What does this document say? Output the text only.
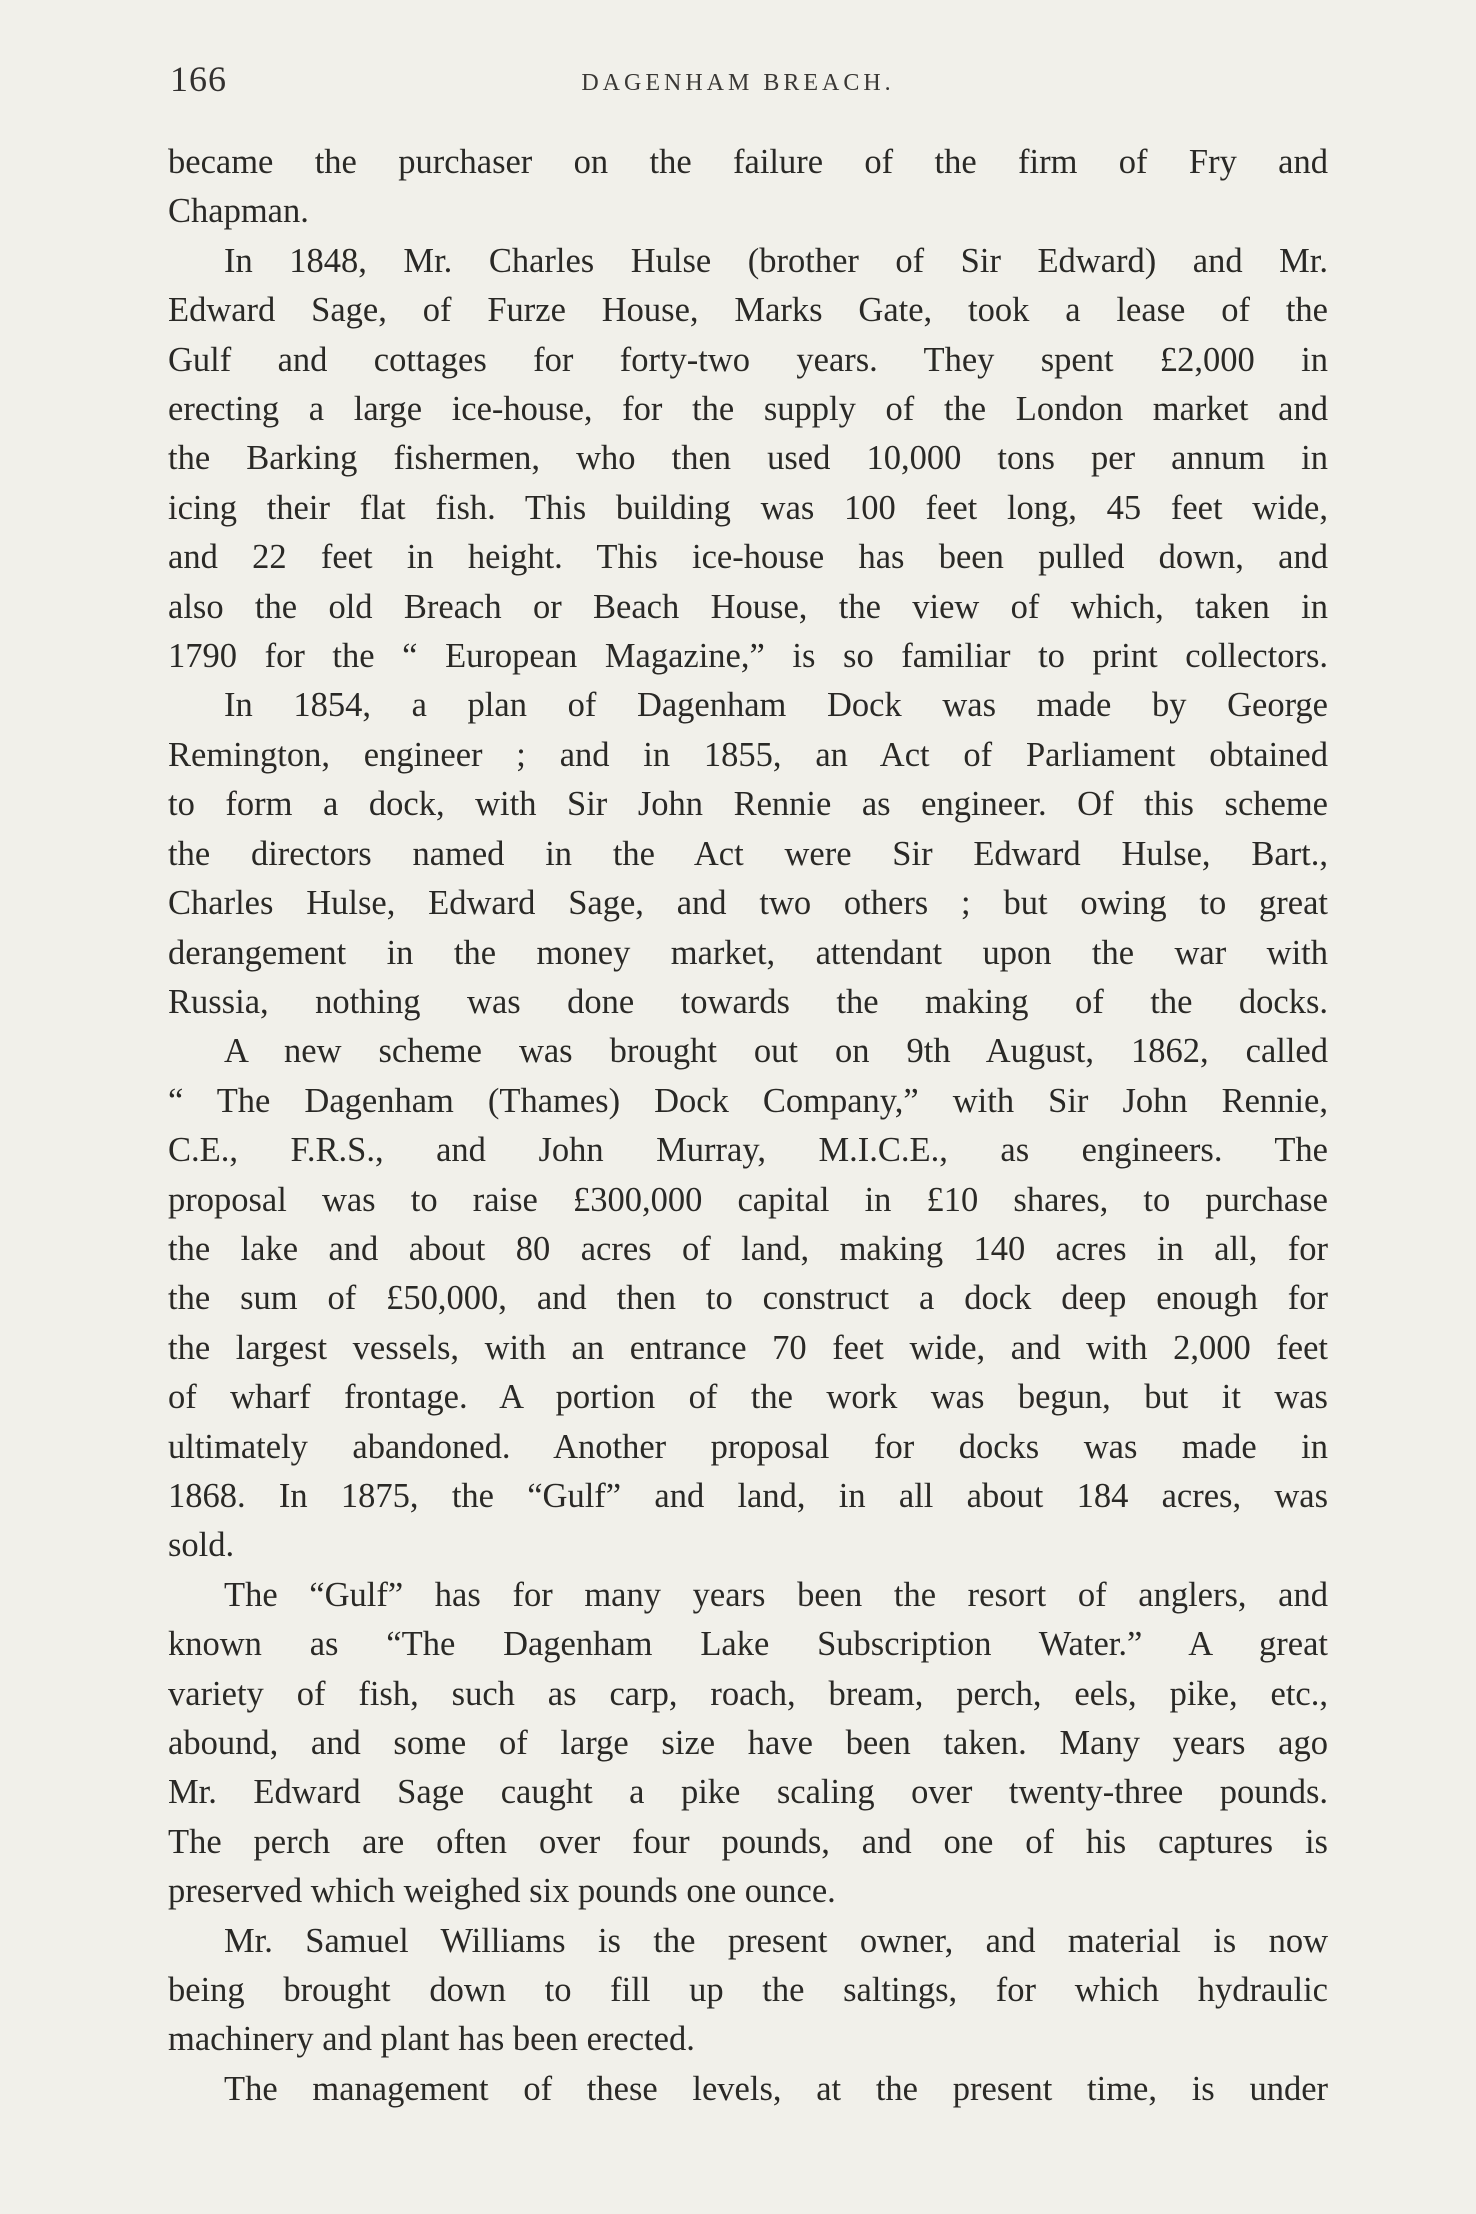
166	DAGENHAM BREACH.
became the purchaser on the failure of the firm of Fry and
Chapman.
In 1848, Mr. Charles Hulse (brother of Sir Edward) and Mr.
Edward Sage, of Furze House, Marks Gate, took a lease of the
Gulf and cottages for forty-two years. They spent £2,000 in
erecting a large ice-house, for the supply of the London market and
the Barking fishermen, who then used 10,000 tons per annum in
icing their flat fish. This building was 100 feet long, 45 feet wide,
and 22 feet in height. This ice-house has been pulled down, and
also the old Breach or Beach House, the view of which, taken in
1790 for the “ European Magazine,” is so familiar to print collectors.
In 1854, a plan of Dagenham Dock was made by George
Remington, engineer ; and in 1855, an Act of Parliament obtained
to form a dock, with Sir John Rennie as engineer. Of this scheme
the directors named in the Act were Sir Edward Hulse, Bart.,
Charles Hulse, Edward Sage, and two others ; but owing to great
derangement in the money market, attendant upon the war with
Russia, nothing was done towards the making of the docks.
A new scheme was brought out on 9th August, 1862, called
“ The Dagenham (Thames) Dock Company,” with Sir John Rennie,
C.E., F.R.S., and John Murray, M.I.C.E., as engineers. The
proposal was to raise £300,000 capital in £10 shares, to purchase
the lake and about 80 acres of land, making 140 acres in all, for
the sum of £50,000, and then to construct a dock deep enough for
the largest vessels, with an entrance 70 feet wide, and with 2,000 feet
of wharf frontage. A portion of the work was begun, but it was
ultimately abandoned. Another proposal for docks was made in
1868. In 1875, the “Gulf” and land, in all about 184 acres, was
sold.
The “Gulf” has for many years been the resort of anglers, and
known as “The Dagenham Lake Subscription Water.” A great
variety of fish, such as carp, roach, bream, perch, eels, pike, etc.,
abound, and some of large size have been taken. Many years ago
Mr. Edward Sage caught a pike scaling over twenty-three pounds.
The perch are often over four pounds, and one of his captures is
preserved which weighed six pounds one ounce.
Mr. Samuel Williams is the present owner, and material is now
being brought down to fill up the saltings, for which hydraulic
machinery and plant has been erected.
The management of these levels, at the present time, is under
